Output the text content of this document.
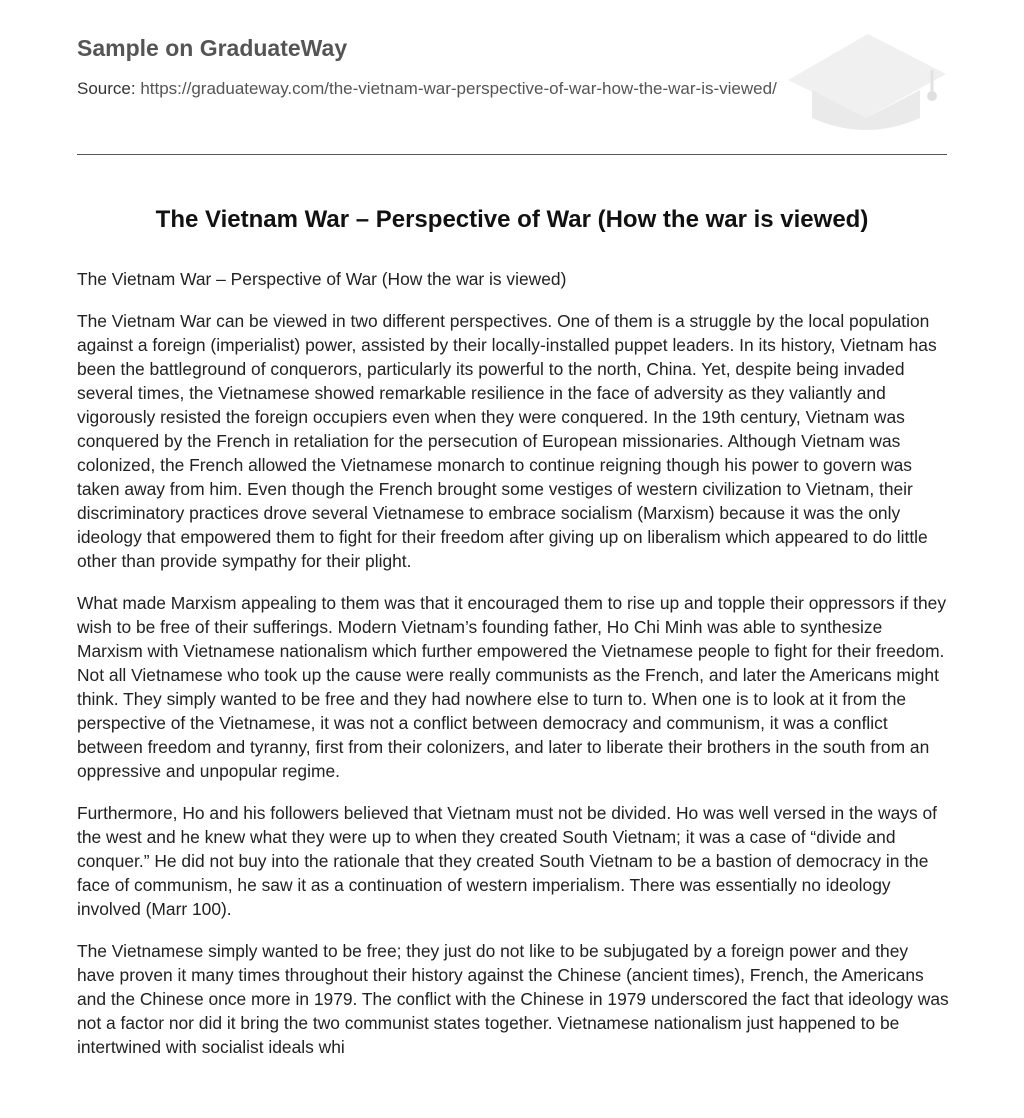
Sample on GraduateWay
Source: https://graduateway.com/the-vietnam-war-perspective-of-war-how-the-war-is-viewed/
The Vietnam War – Perspective of War (How the war is viewed)

The Vietnam War – Perspective of War (How the war is viewed)

The Vietnam War can be viewed in two different perspectives. One of them is a struggle by the local population against a foreign (imperialist) power, assisted by their locally-installed puppet leaders. In its history, Vietnam has been the battleground of conquerors, particularly its powerful to the north, China. Yet, despite being invaded several times, the Vietnamese showed remarkable resilience in the face of adversity as they valiantly and vigorously resisted the foreign occupiers even when they were conquered. In the 19th century, Vietnam was conquered by the French in retaliation for the persecution of European missionaries. Although Vietnam was colonized, the French allowed the Vietnamese monarch to continue reigning though his power to govern was taken away from him. Even though the French brought some vestiges of western civilization to Vietnam, their discriminatory practices drove several Vietnamese to embrace socialism (Marxism) because it was the only ideology that empowered them to fight for their freedom after giving up on liberalism which appeared to do little other than provide sympathy for their plight.

What made Marxism appealing to them was that it encouraged them to rise up and topple their oppressors if they wish to be free of their sufferings. Modern Vietnam’s founding father, Ho Chi Minh was able to synthesize Marxism with Vietnamese nationalism which further empowered the Vietnamese people to fight for their freedom. Not all Vietnamese who took up the cause were really communists as the French, and later the Americans might think. They simply wanted to be free and they had nowhere else to turn to. When one is to look at it from the perspective of the Vietnamese, it was not a conflict between democracy and communism, it was a conflict between freedom and tyranny, first from their colonizers, and later to liberate their brothers in the south from an oppressive and unpopular regime.

Furthermore, Ho and his followers believed that Vietnam must not be divided. Ho was well versed in the ways of the west and he knew what they were up to when they created South Vietnam; it was a case of “divide and conquer.” He did not buy into the rationale that they created South Vietnam to be a bastion of democracy in the face of communism, he saw it as a continuation of western imperialism. There was essentially no ideology involved (Marr 100).

The Vietnamese simply wanted to be free; they just do not like to be subjugated by a foreign power and they have proven it many times throughout their history against the Chinese (ancient times), French, the Americans and the Chinese once more in 1979. The conflict with the Chinese in 1979 underscored the fact that ideology was not a factor nor did it bring the two communist states together. Vietnamese nationalism just happened to be intertwined with socialist ideals whi
